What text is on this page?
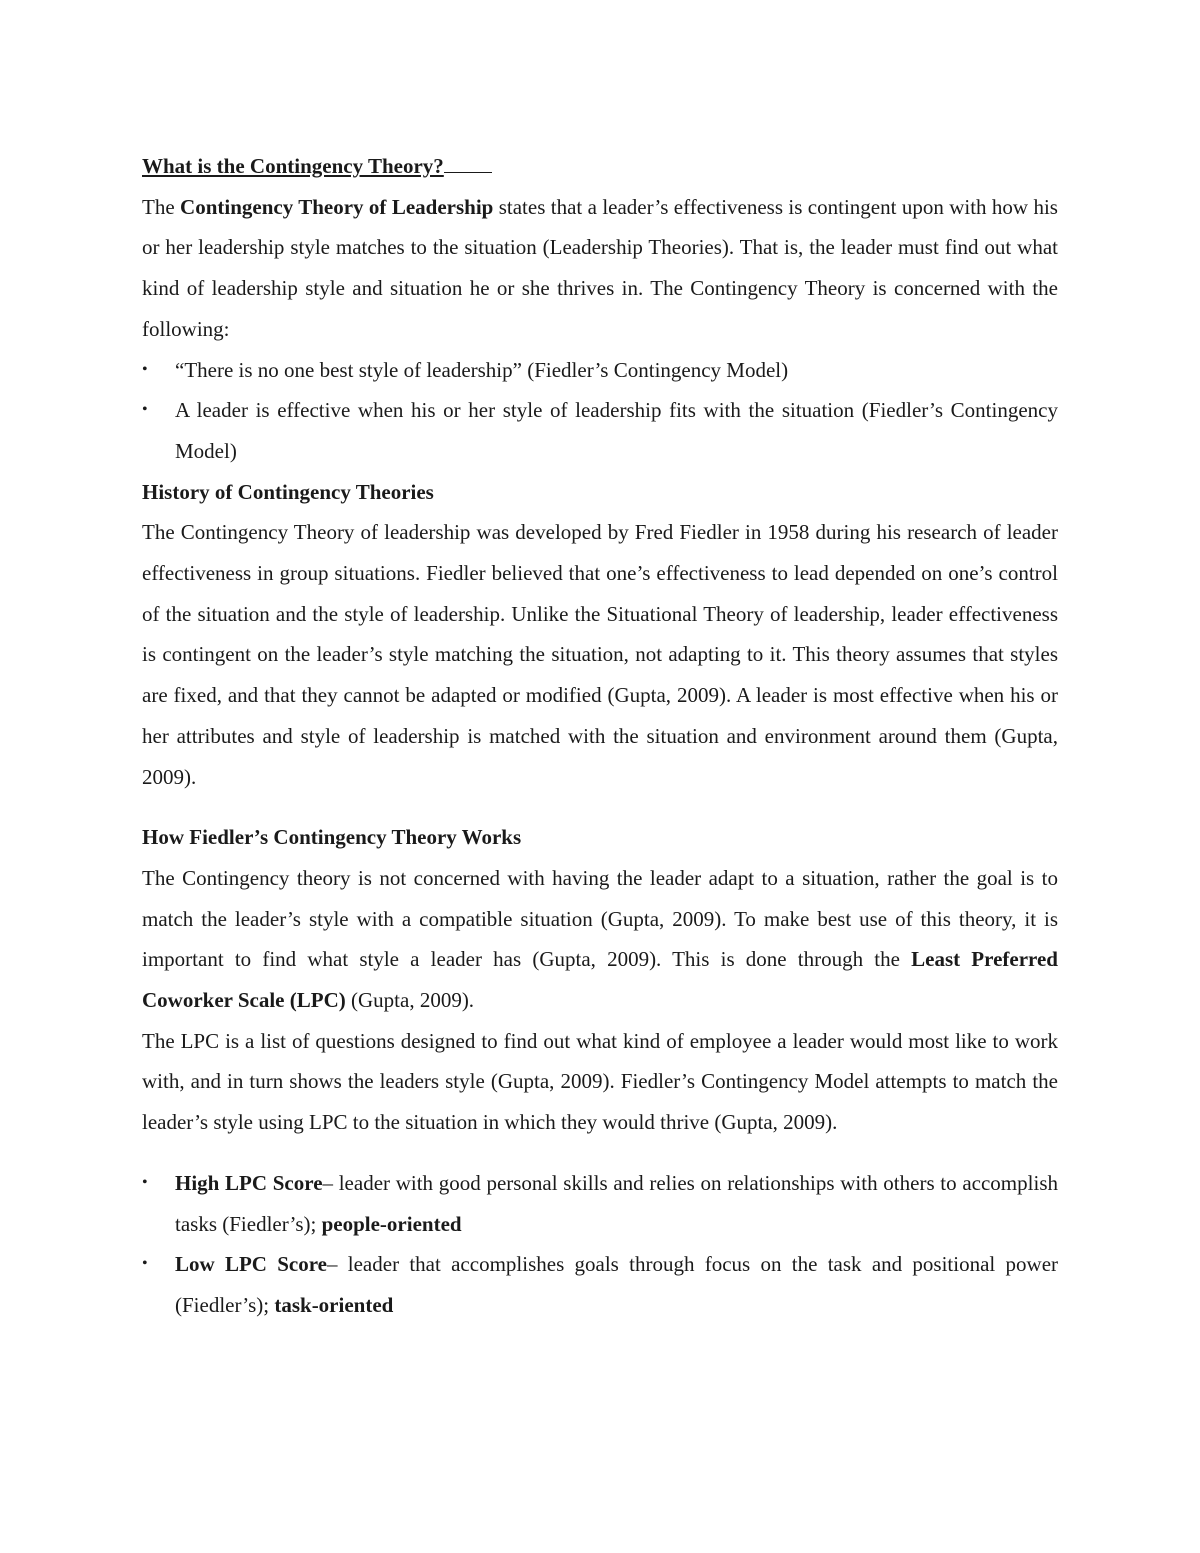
What is the Contingency Theory?

The Contingency Theory of Leadership states that a leader’s effectiveness is contingent upon with how his or her leadership style matches to the situation (Leadership Theories). That is, the leader must find out what kind of leadership style and situation he or she thrives in. The Contingency Theory is concerned with the following:

•	“There is no one best style of leadership” (Fiedler’s Contingency Model)
•	A leader is effective when his or her style of leadership fits with the situation (Fiedler’s Contingency Model)
History of Contingency Theories

The Contingency Theory of leadership was developed by Fred Fiedler in 1958 during his research of leader effectiveness in group situations. Fiedler believed that one’s effectiveness to lead depended on one’s control of the situation and the style of leadership. Unlike the Situational Theory of leadership, leader effectiveness is contingent on the leader’s style matching the situation, not adapting to it. This theory assumes that styles are fixed, and that they cannot be adapted or modified (Gupta, 2009). A leader is most effective when his or her attributes and style of leadership is matched with the situation and environment around them (Gupta, 2009).

How Fiedler’s Contingency Theory Works

The Contingency theory is not concerned with having the leader adapt to a situation, rather the goal is to match the leader’s style with a compatible situation (Gupta, 2009). To make best use of this theory, it is important to find what style a leader has (Gupta, 2009). This is done through the Least Preferred Coworker Scale (LPC) (Gupta, 2009).

The LPC is a list of questions designed to find out what kind of employee a leader would most like to work with, and in turn shows the leaders style (Gupta, 2009). Fiedler’s Contingency Model attempts to match the leader’s style using LPC to the situation in which they would thrive (Gupta, 2009).

•	High LPC Score– leader with good personal skills and relies on relationships with others to accomplish tasks (Fiedler’s); people-oriented
•	Low LPC Score– leader that accomplishes goals through focus on the task and positional power (Fiedler’s); task-oriented
